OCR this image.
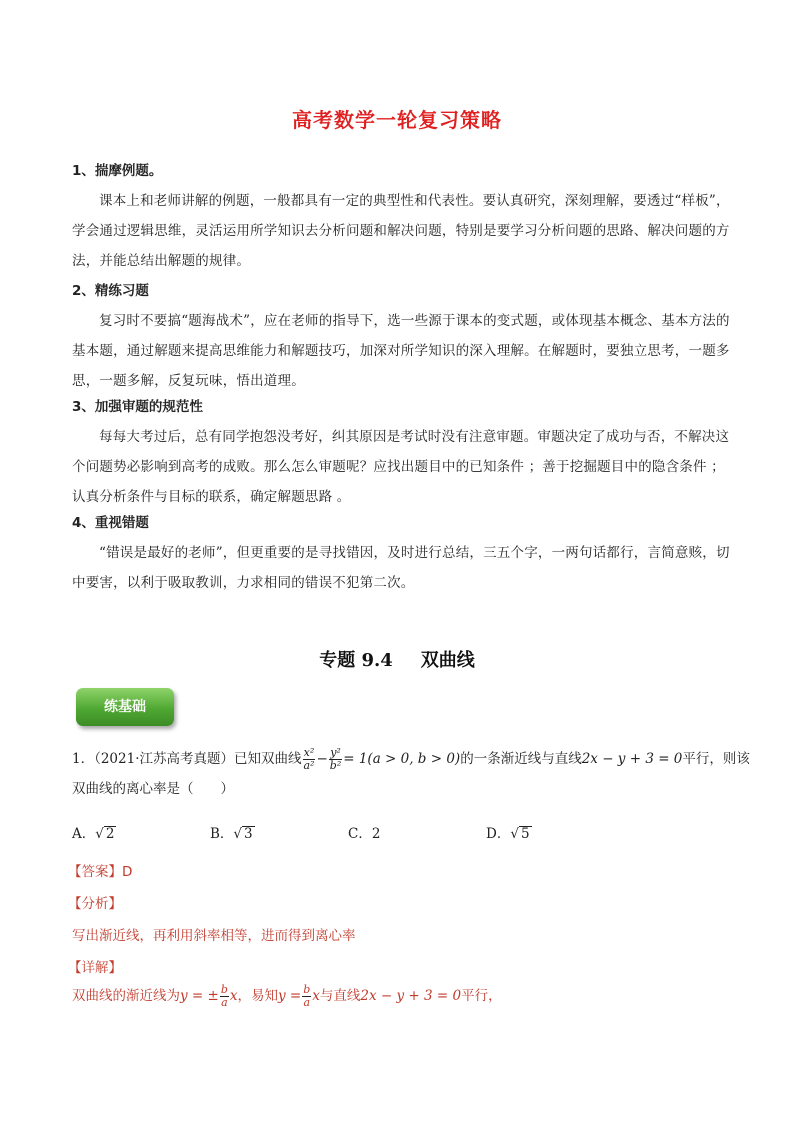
高考数学一轮复习策略

1、揣摩例题。

课本上和老师讲解的例题，一般都具有一定的典型性和代表性。要认真研究，深刻理解，要透过“样板”，学会通过逻辑思维，灵活运用所学知识去分析问题和解决问题，特别是要学习分析问题的思路、解决问题的方法，并能总结出解题的规律。

2、精练习题

复习时不要搞“题海战术”，应在老师的指导下，选一些源于课本的变式题，或体现基本概念、基本方法的基本题，通过解题来提高思维能力和解题技巧，加深对所学知识的深入理解。在解题时，要独立思考，一题多思，一题多解，反复玩味，悟出道理。

3、加强审题的规范性

每每大考过后，总有同学抱怨没考好，纠其原因是考试时没有注意审题。审题决定了成功与否，不解决这个问题势必影响到高考的成败。那么怎么审题呢？应找出题目中的已知条件 ；善于挖掘题目中的隐含条件 ；认真分析条件与目标的联系，确定解题思路 。

4、重视错题

“错误是最好的老师”，但更重要的是寻找错因，及时进行总结，三五个字，一两句话都行，言简意赅，切中要害，以利于吸取教训，力求相同的错误不犯第二次。

专题 9.4 双曲线
练基础
1．（2021·江苏高考真题）已知双曲线 $\frac{\text{x²}}{\text{a²}} - \frac{\text{y²}}{\text{b²}} = 1(a > 0$, b > 0)的一条渐近线与直线2x − y + 3 = 0平行，则该
双曲线的离心率是（　　）
A．√ 2	B．√ 3	C．2	D．√ 5
【答案】D
【分析】
写出渐近线，再利用斜率相等，进而得到离心率
【详解】
双曲线的渐近线为y = ± $\frac{b}{a}$ x，易知$y = \frac{b}{a}$ x与直线2x − y + 3 = 0平行，
